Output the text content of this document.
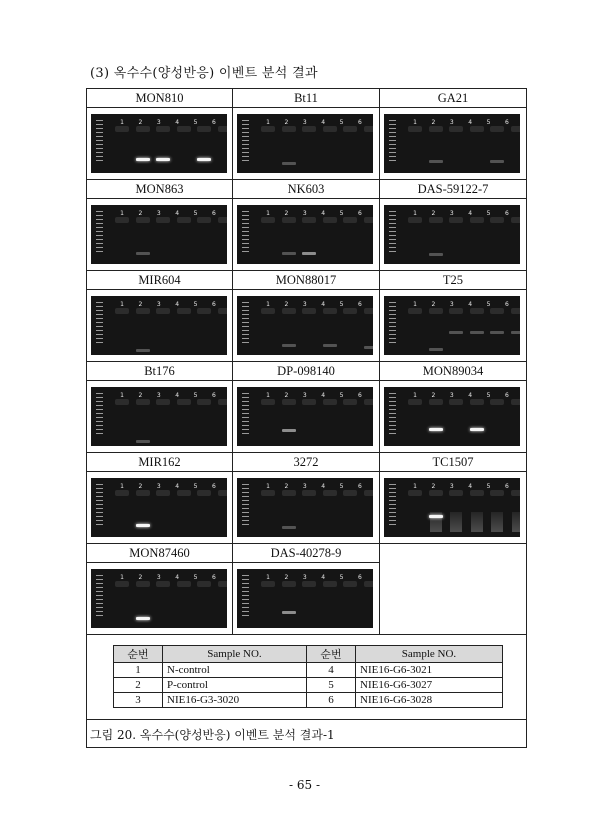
(3) 옥수수(양성반응) 이벤트 분석 결과
MON810
1	2	3	4	5	6
Bt11
1	2	3	4	5	6
GA21
1	2	3	4	5	6
MON863
1	2	3	4	5	6
NK603
1	2	3	4	5	6
DAS-59122-7
1	2	3	4	5	6
MIR604
1	2	3	4	5	6
MON88017
1	2	3	4	5	6
T25
1	2	3	4	5	6
Bt176
1	2	3	4	5	6
DP-098140
1	2	3	4	5	6
MON89034
1	2	3	4	5	6
MIR162
1	2	3	4	5	6
3272
1	2	3	4	5	6
TC1507
1	2	3	4	5	6
MON87460
1	2	3	4	5	6
DAS-40278-9
1	2	3	4	5	6
순번	Sample NO.	순번	Sample NO.
1	N-control	4	NIE16-G6-3021
2	P-control	5	NIE16-G6-3027
3	NIE16-G3-3020	6	NIE16-G6-3028
그림 20. 옥수수(양성반응) 이벤트 분석 결과-1
- 65 -
